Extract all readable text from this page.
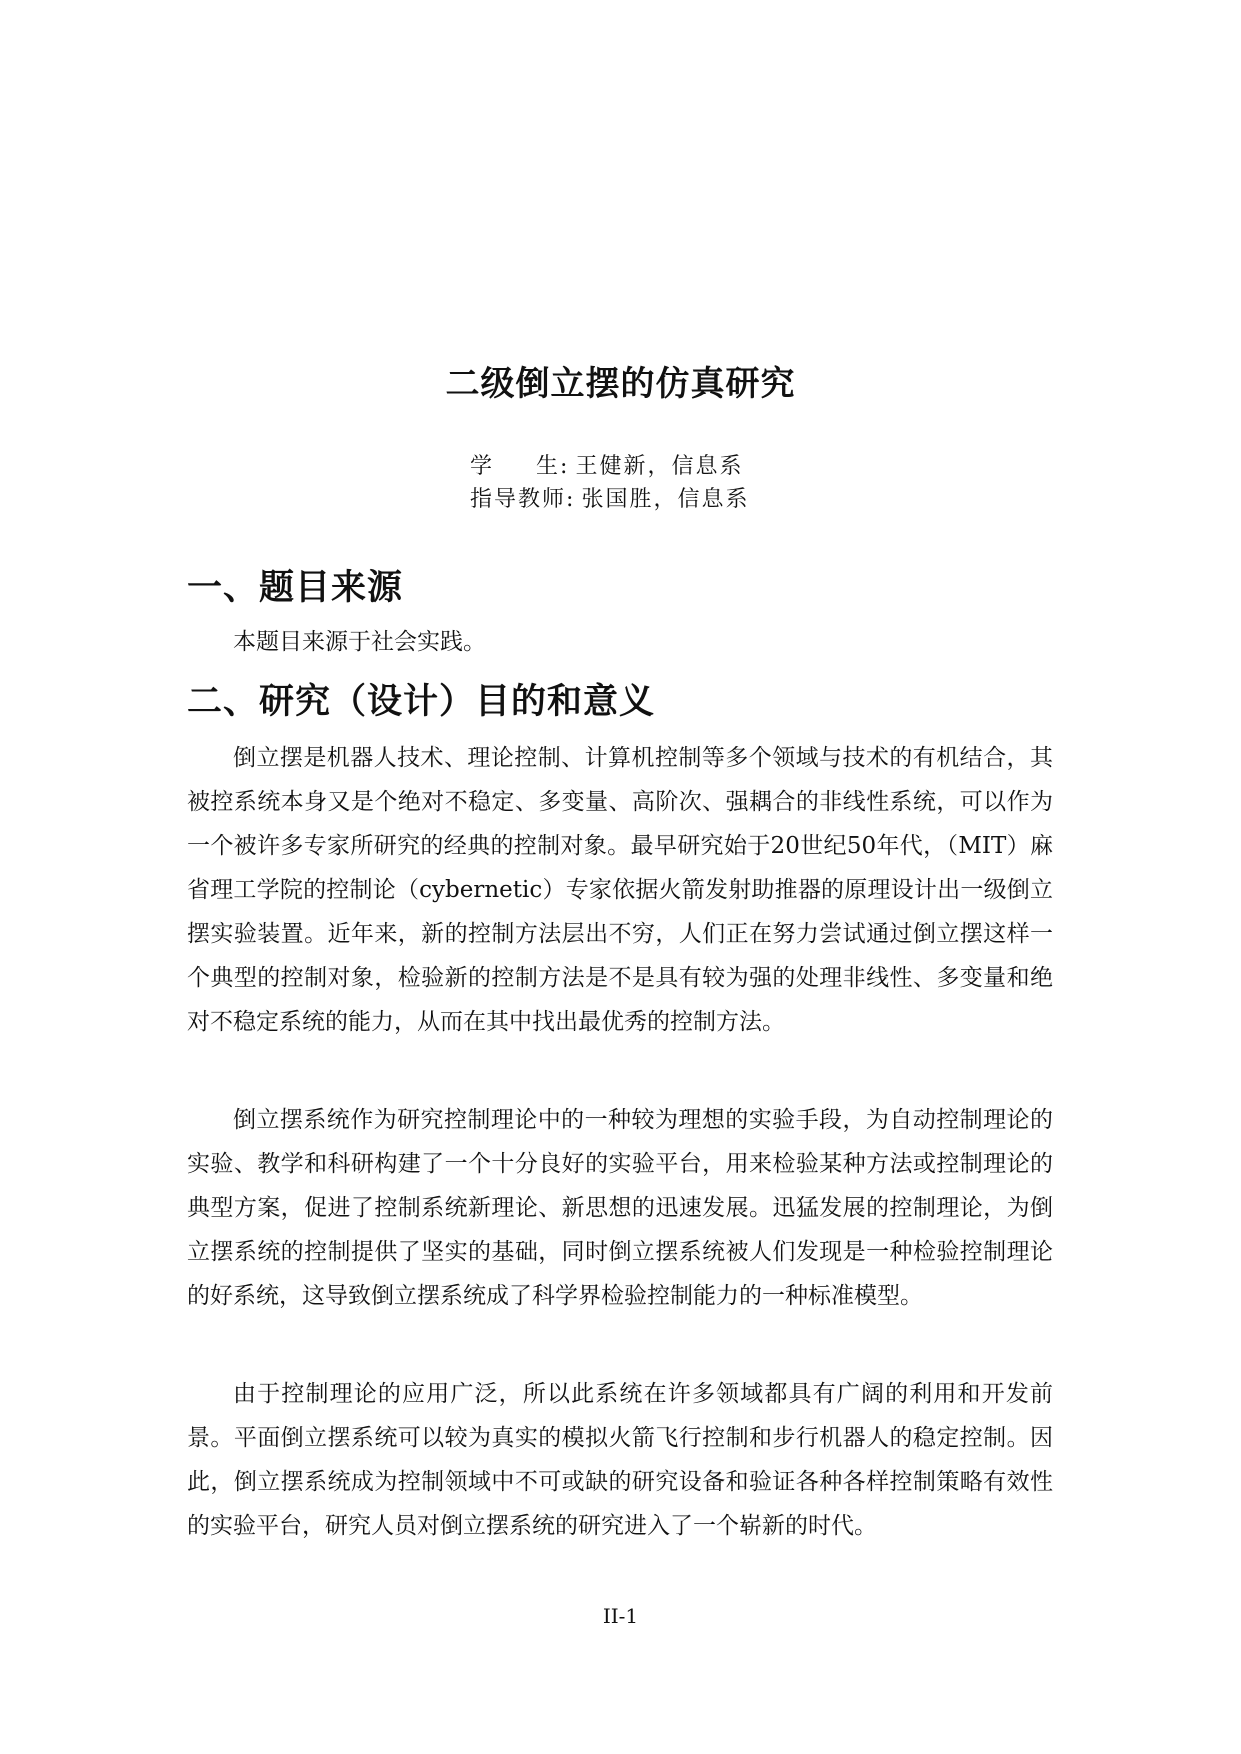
二级倒立摆的仿真研究
学生: 王健新，信息系
指导教师: 张国胜，信息系
一、题目来源

本题目来源于社会实践。

二、研究（设计）目的和意义

倒立摆是机器人技术、理论控制、计算机控制等多个领域与技术的有机结合，其被控系统本身又是个绝对不稳定、多变量、高阶次、强耦合的非线性系统，可以作为一个被许多专家所研究的经典的控制对象。最早研究始于20世纪50年代，（MIT）麻省理工学院的控制论（cybernetic）专家依据火箭发射助推器的原理设计出一级倒立摆实验装置。近年来，新的控制方法层出不穷，人们正在努力尝试通过倒立摆这样一个典型的控制对象，检验新的控制方法是不是具有较为强的处理非线性、多变量和绝对不稳定系统的能力，从而在其中找出最优秀的控制方法。

倒立摆系统作为研究控制理论中的一种较为理想的实验手段，为自动控制理论的实验、教学和科研构建了一个十分良好的实验平台，用来检验某种方法或控制理论的典型方案，促进了控制系统新理论、新思想的迅速发展。迅猛发展的控制理论，为倒立摆系统的控制提供了坚实的基础，同时倒立摆系统被人们发现是一种检验控制理论的好系统，这导致倒立摆系统成了科学界检验控制能力的一种标准模型。

由于控制理论的应用广泛，所以此系统在许多领域都具有广阔的利用和开发前景。平面倒立摆系统可以较为真实的模拟火箭飞行控制和步行机器人的稳定控制。因此，倒立摆系统成为控制领域中不可或缺的研究设备和验证各种各样控制策略有效性的实验平台，研究人员对倒立摆系统的研究进入了一个崭新的时代。

II-1
